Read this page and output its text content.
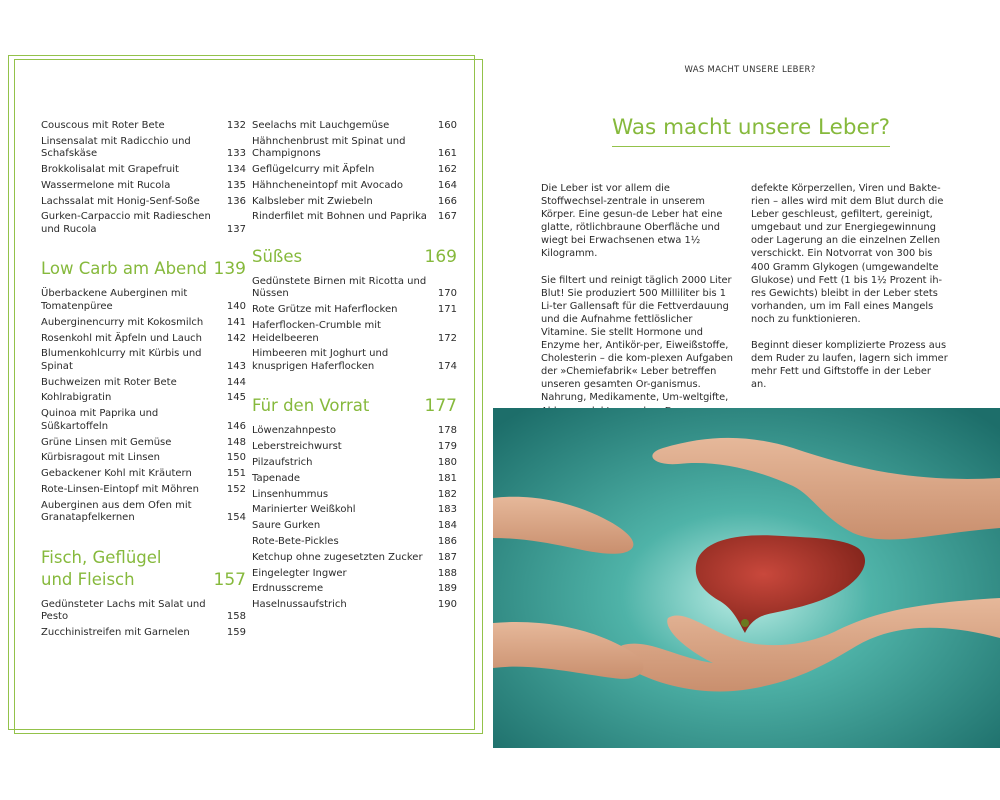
Couscous mit Roter Bete	132
Linsensalat mit Radicchio und Schafskäse	133
Brokkolisalat mit Grapefruit	134
Wassermelone mit Rucola	135
Lachssalat mit Honig-Senf-Soße	136
Gurken-Carpaccio mit Radieschen und Rucola	137
Low Carb am Abend 139
Überbackene Auberginen mit Tomatenpüree	140
Auberginencurry mit Kokosmilch	141
Rosenkohl mit Äpfeln und Lauch	142
Blumenkohlcurry mit Kürbis und Spinat	143
Buchweizen mit Roter Bete	144
Kohlrabigratin	145
Quinoa mit Paprika und Süßkartoffeln	146
Grüne Linsen mit Gemüse	148
Kürbisragout mit Linsen	150
Gebackener Kohl mit Kräutern	151
Rote-Linsen-Eintopf mit Möhren	152
Auberginen aus dem Ofen mit Granatapfelkernen	154
Fisch, Geflügel
und Fleisch	157
Gedünsteter Lachs mit Salat und Pesto	158
Zucchinistreifen mit Garnelen	159
Seelachs mit Lauchgemüse	160
Hähnchenbrust mit Spinat und Champignons	161
Geflügelcurry mit Äpfeln	162
Hähncheneintopf mit Avocado	164
Kalbsleber mit Zwiebeln	166
Rinderfilet mit Bohnen und Paprika	167
Süßes	169
Gedünstete Birnen mit Ricotta und Nüssen	170
Rote Grütze mit Haferflocken	171
Haferflocken-Crumble mit Heidelbeeren	172
Himbeeren mit Joghurt und knusprigen Haferflocken	174
Für den Vorrat	177
Löwenzahnpesto	178
Leberstreichwurst	179
Pilzaufstrich	180
Tapenade	181
Linsenhummus	182
Marinierter Weißkohl	183
Saure Gurken	184
Rote-Bete-Pickles	186
Ketchup ohne zugesetzten Zucker	187
Eingelegter Ingwer	188
Erdnusscreme	189
Haselnussaufstrich	190
WAS MACHT UNSERE LEBER?
Was macht unsere Leber?

Die Leber ist vor allem die Stoffwechsel-zentrale in unserem Körper. Eine gesun-de Leber hat eine glatte, rötlichbraune Oberfläche und wiegt bei Erwachsenen etwa 1½ Kilogramm.

Sie filtert und reinigt täglich 2000 Liter Blut! Sie produziert 500 Milliliter bis 1 Li-ter Gallensaft für die Fettverdauung und die Aufnahme fettlöslicher Vitamine. Sie stellt Hormone und Enzyme her, Antikör-per, Eiweißstoffe, Cholesterin – die kom-plexen Aufgaben der »Chemiefabrik« Leber betreffen unseren gesamten Or-ganismus. Nahrung, Medikamente, Um-weltgifte,

defekte Körperzellen, Viren und Bakte-rien – alles wird mit dem Blut durch die Leber geschleust, gefiltert, gereinigt, umgebaut und zur Energiegewinnung oder Lagerung an die einzelnen Zellen verschickt. Ein Notvorrat von 300 bis 400 Gramm Glykogen (umgewandelte Glukose) und Fett (1 bis 1½ Prozent ih-res Gewichts) bleibt in der Leber stets vorhanden, um im Fall eines Mangels noch zu funktionieren.

Beginnt dieser komplizierte Prozess aus dem Ruder zu laufen, lagern sich immer mehr Fett und Giftstoffe in der Leber an.
